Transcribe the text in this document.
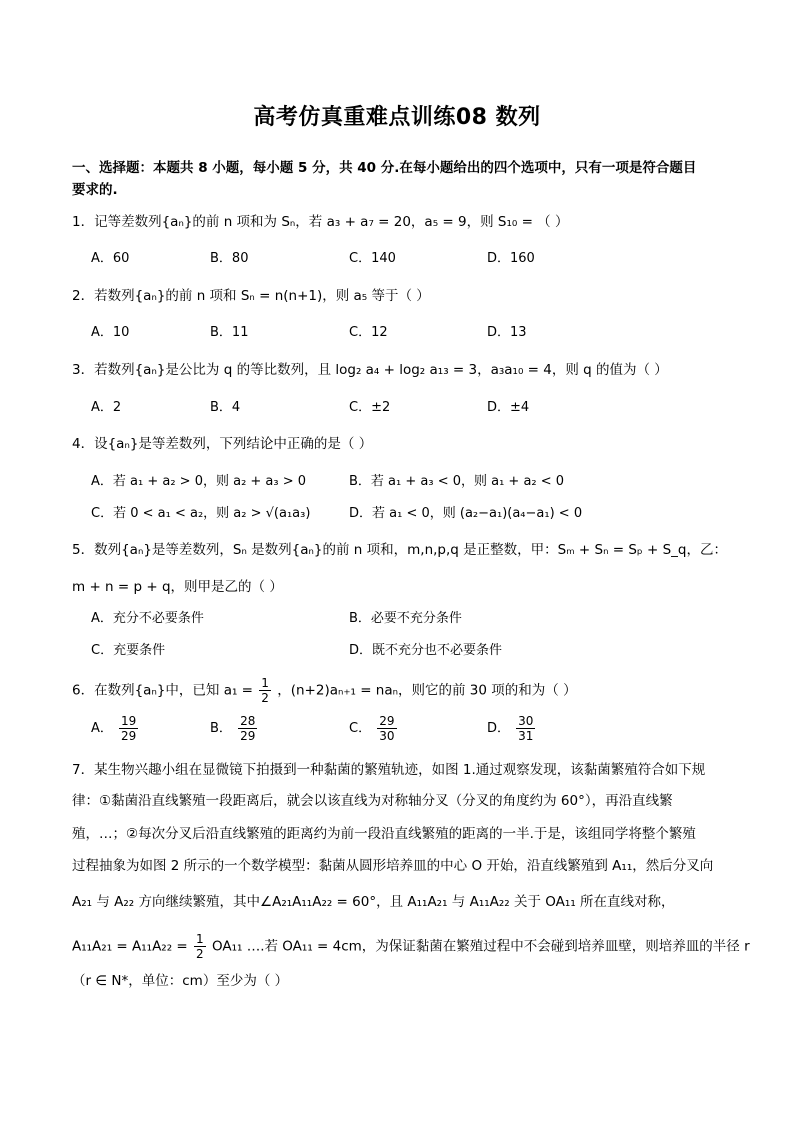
高考仿真重难点训练08 数列
一、选择题：本题共 8 小题，每小题 5 分，共 40 分.在每小题给出的四个选项中，只有一项是符合题目
要求的.
1．记等差数列{aₙ}的前 n 项和为 Sₙ，若 a₃ + a₇ = 20，a₅ = 9，则 S₁₀ = （ ）
A．60	B．80	C．140	D．160
2．若数列{aₙ}的前 n 项和 Sₙ = n(n+1)，则 a₅ 等于（ ）
A．10	B．11	C．12	D．13
3．若数列{aₙ}是公比为 q 的等比数列，且 log₂ a₄ + log₂ a₁₃ = 3，a₃a₁₀ = 4，则 q 的值为（ ）
A．2	B．4	C．±2	D．±4
4．设{aₙ}是等差数列，下列结论中正确的是（ ）
A．若 a₁ + a₂ > 0，则 a₂ + a₃ > 0	B．若 a₁ + a₃ < 0，则 a₁ + a₂ < 0
C．若 0 < a₁ < a₂，则 a₂ > √(a₁a₃)	D．若 a₁ < 0，则 (a₂−a₁)(a₄−a₁) < 0
5．数列{aₙ}是等差数列，Sₙ 是数列{aₙ}的前 n 项和，m,n,p,q 是正整数，甲：Sₘ + Sₙ = Sₚ + S_q，乙：
m + n = p + q，则甲是乙的（ ）
A．充分不必要条件	B．必要不充分条件
C．充要条件	D．既不充分也不必要条件
6．在数列{aₙ}中，已知 $a_1 = \frac{1}{2}$ ，(n+2)aₙ₊₁ = naₙ，则它的前 30 项的和为（ ）
A． $\frac{19}{29}$	B． $\frac{28}{29}$	C． $\frac{29}{30}$	D． $\frac{30}{31}$
7．某生物兴趣小组在显微镜下拍摄到一种黏菌的繁殖轨迹，如图 1.通过观察发现，该黏菌繁殖符合如下规
律：①黏菌沿直线繁殖一段距离后，就会以该直线为对称轴分叉（分叉的角度约为 60°），再沿直线繁
殖，…；②每次分叉后沿直线繁殖的距离约为前一段沿直线繁殖的距离的一半.于是，该组同学将整个繁殖
过程抽象为如图 2 所示的一个数学模型：黏菌从圆形培养皿的中心 O 开始，沿直线繁殖到 A₁₁，然后分叉向
A₂₁ 与 A₂₂ 方向继续繁殖，其中∠A₂₁A₁₁A₂₂ = 60°，且 A₁₁A₂₁ 与 A₁₁A₂₂ 关于 OA₁₁ 所在直线对称，
$A_{11}A_{21} = A_{11}A_{22} = \frac{1}{2} OA_{11}$ ….若 OA₁₁ = 4cm，为保证黏菌在繁殖过程中不会碰到培养皿壁，则培养皿的半径 r
（r ∈ N*，单位：cm）至少为（ ）
